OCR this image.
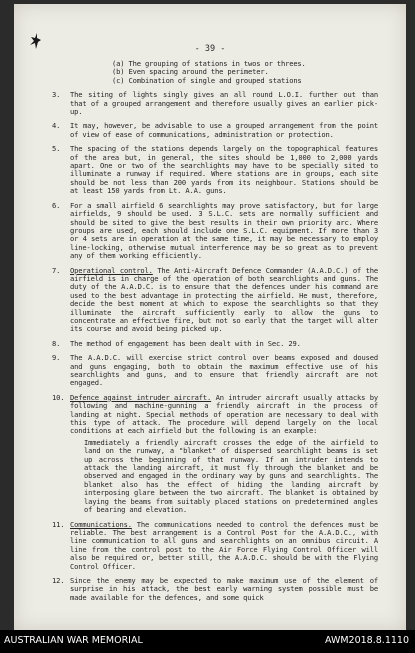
- 39 -
(a) The grouping of stations in twos or threes.
(b) Even spacing around the perimeter.
(c) Combination of single and grouped stations
3.	The siting of lights singly gives an all round L.O.I. further out than that of a grouped arrangement and therefore usually gives an earlier pick-up.
4.	It may, however, be advisable to use a grouped arrangement from the point of view of ease of communications, administration or protection.
5.	The spacing of the stations depends largely on the topographical features of the area but, in general, the sites should be 1,000 to 2,000 yards apart. One or two of the searchlights may have to be specially sited to illuminate a runway if required. Where stations are in groups, each site should be not less than 200 yards from its neighbour. Stations should be at least 150 yards from Lt. A.A. guns.
6.	For a small airfield 6 searchlights may prove satisfactory, but for large airfields, 9 should be used. 3 S.L.C. sets are normally sufficient and should be sited to give the best results in their own priority arc. Where groups are used, each should include one S.L.C. equipment. If more than 3 or 4 sets are in operation at the same time, it may be necessary to employ line-locking, otherwise mutual interference may be so great as to prevent any of them working efficiently.
7.	Operational control. The Anti-Aircraft Defence Commander (A.A.D.C.) of the airfield is in charge of the operation of both searchlights and guns. The duty of the A.A.D.C. is to ensure that the defences under his command are used to the best advantage in protecting the airfield. He must, therefore, decide the best moment at which to expose the searchlights so that they illuminate the aircraft sufficiently early to allow the guns to concentrate an effective fire, but not so early that the target will alter its course and avoid being picked up.
8.	The method of engagement has been dealt with in Sec. 29.
9.	The A.A.D.C. will exercise strict control over beams exposed and doused and guns engaging, both to obtain the maximum effective use of his searchlights and guns, and to ensure that friendly aircraft are not engaged.
10. Defence against intruder aircraft. An intruder aircraft usually attacks by following and machine-gunning a friendly aircraft in the process of landing at night. Special methods of operation are necessary to deal with this type of attack. The procedure will depend largely on the local conditions at each airfield but the following is an example:
Immediately a friendly aircraft crosses the edge of the airfield to land on the runway, a "blanket" of dispersed searchlight beams is set up across the beginning of that runway. If an intruder intends to attack the landing aircraft, it must fly through the blanket and be observed and engaged in the ordinary way by guns and searchlights. The blanket also has the effect of hiding the landing aircraft by interposing glare between the two aircraft. The blanket is obtained by laying the beams from suitably placed stations on predetermined angles of bearing and elevation.
11. Communications. The communications needed to control the defences must be reliable. The best arrangement is a Control Post for the A.A.D.C., with line communication to all guns and searchlights on an omnibus circuit. A line from the control post to the Air Force Flying Control Officer will also be required or, better still, the A.A.D.C. should be with the Flying Control Officer.
12. Since the enemy may be expected to make maximum use of the element of surprise in his attack, the best early warning system possible must be made available for the defences, and some quick
AUSTRALIAN WAR MEMORIAL	AWM2018.8.1110
